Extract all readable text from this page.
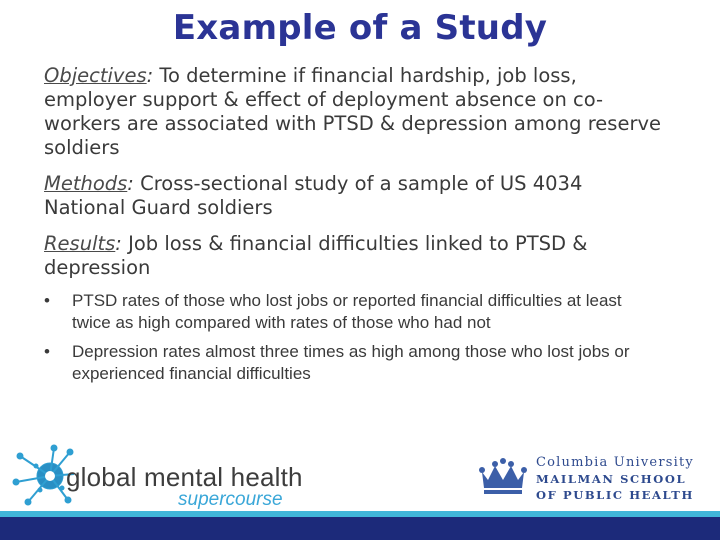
Example of a Study

Objectives: To determine if financial hardship, job loss, employer support & effect of deployment absence on co-workers are associated with PTSD & depression among reserve soldiers

Methods: Cross-sectional study of a sample of US 4034 National Guard soldiers

Results: Job loss & financial difficulties linked to PTSD & depression

• PTSD rates of those who lost jobs or reported financial difficulties at least twice as high compared with rates of those who had not
• Depression rates almost three times as high among those who lost jobs or experienced financial difficulties
global mental health
supercourse
Columbia University
MAILMAN SCHOOL
OF PUBLIC HEALTH
